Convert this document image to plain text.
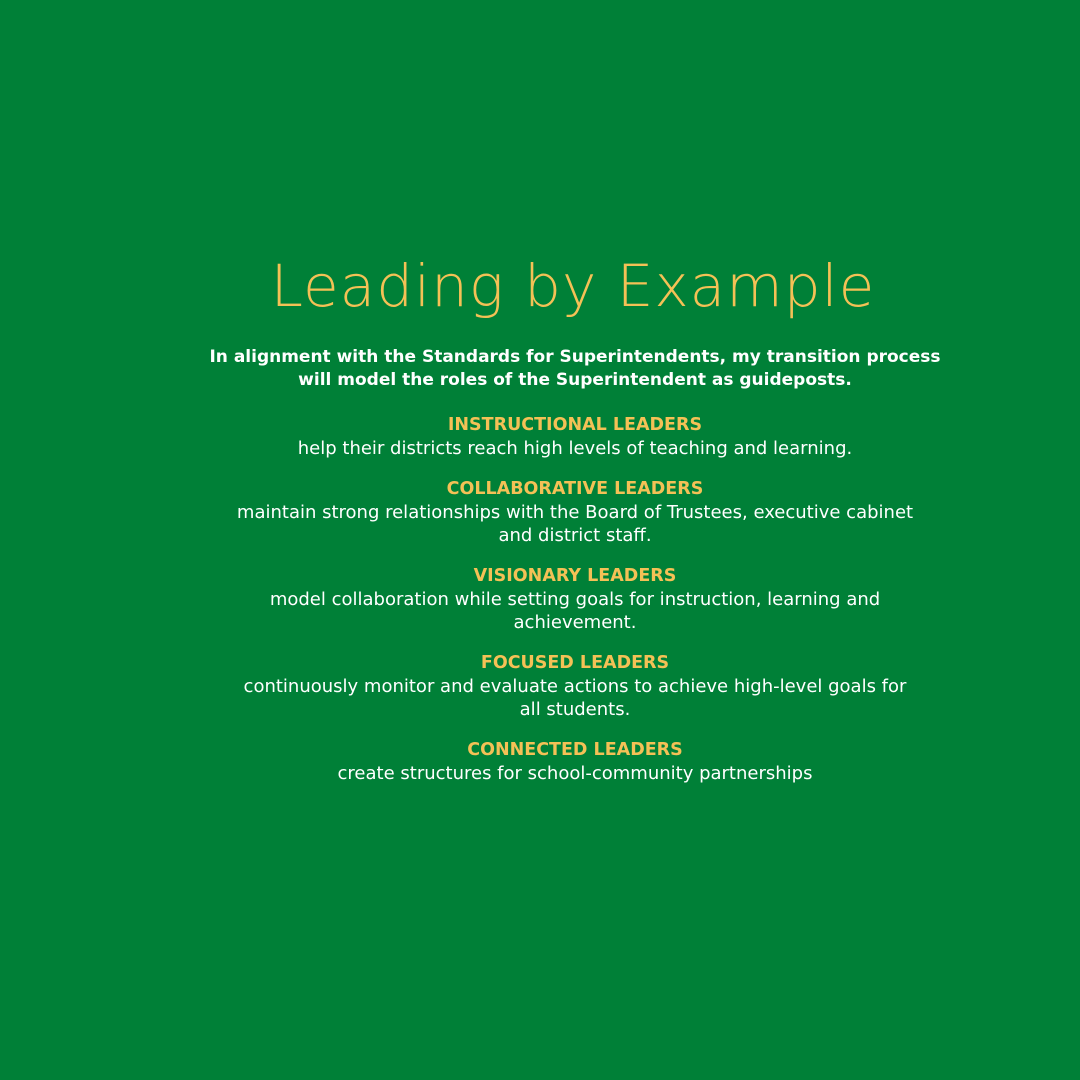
Leading by Example

In alignment with the Standards for Superintendents, my transition process
will model the roles of the Superintendent as guideposts.

INSTRUCTIONAL LEADERS
help their districts reach high levels of teaching and learning.
COLLABORATIVE LEADERS
maintain strong relationships with the Board of Trustees, executive cabinet
and district staff.
VISIONARY LEADERS
model collaboration while setting goals for instruction, learning and
achievement.
FOCUSED LEADERS
continuously monitor and evaluate actions to achieve high-level goals for
all students.
CONNECTED LEADERS
create structures for school-community partnerships
